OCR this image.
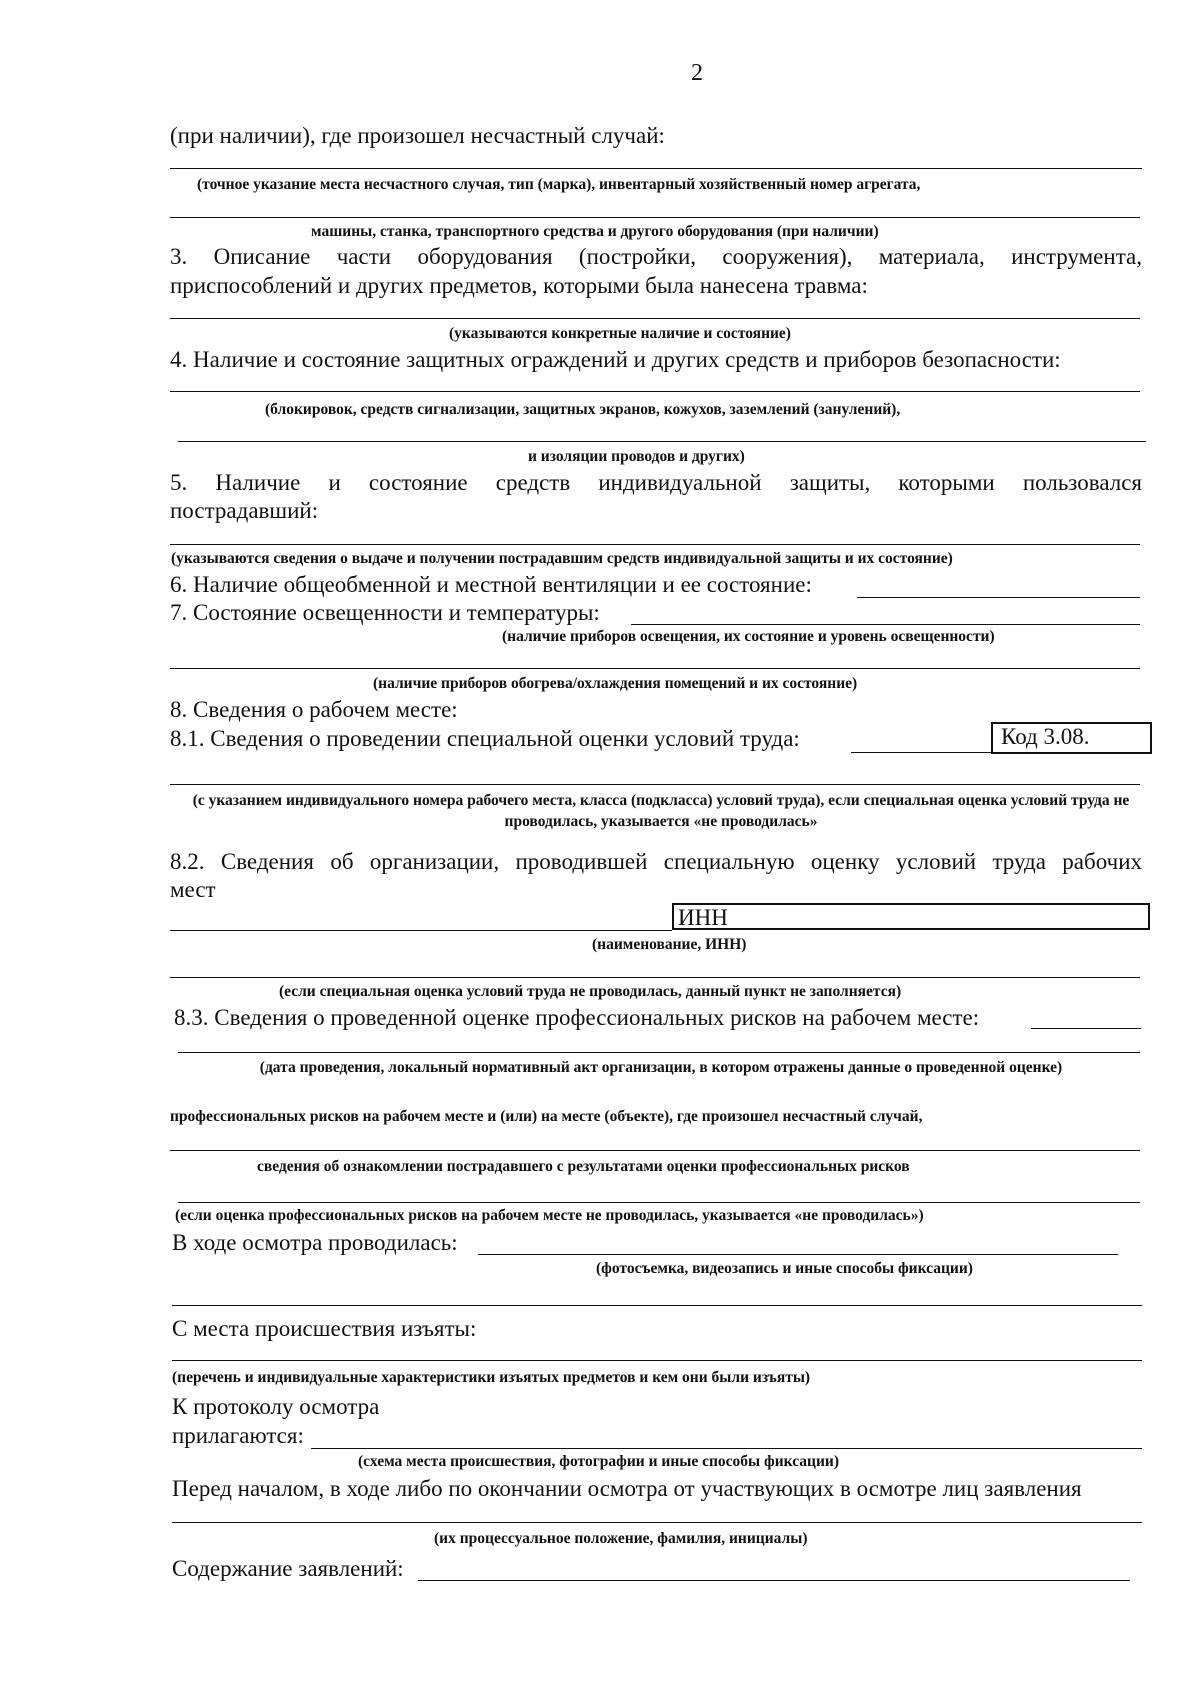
2
(при наличии), где произошел несчастный случай:
(точное указание места несчастного случая, тип (марка), инвентарный хозяйственный номер агрегата,
машины, станка, транспортного средства и другого оборудования (при наличии)
3. Описание части оборудования (постройки, сооружения), материала, инструмента,
приспособлений и других предметов, которыми была нанесена травма:
(указываются конкретные наличие и состояние)
4. Наличие и состояние защитных ограждений и других средств и приборов безопасности:
(блокировок, средств сигнализации, защитных экранов, кожухов, заземлений (занулений),
и изоляции проводов и других)
5. Наличие и состояние средств индивидуальной защиты, которыми пользовался
пострадавший:
(указываются сведения о выдаче и получении пострадавшим средств индивидуальной защиты и их состояние)
6. Наличие общеобменной и местной вентиляции и ее состояние:
7. Состояние освещенности и температуры:
(наличие приборов освещения, их состояние и уровень освещенности)
(наличие приборов обогрева/охлаждения помещений и их состояние)
8. Сведения о рабочем месте:
8.1. Сведения о проведении специальной оценки условий труда:	Код 3.08.
(с указанием индивидуального номера рабочего места, класса (подкласса) условий труда), если специальная оценка условий труда не проводилась, указывается «не проводилась»
8.2. Сведения об организации, проводившей специальную оценку условий труда рабочих
мест
ИНН
(наименование, ИНН)
(если специальная оценка условий труда не проводилась, данный пункт не заполняется)
8.3. Сведения о проведенной оценке профессиональных рисков на рабочем месте:
(дата проведения, локальный нормативный акт организации, в котором отражены данные о проведенной оценке)
профессиональных рисков на рабочем месте и (или) на месте (объекте), где произошел несчастный случай,
сведения об ознакомлении пострадавшего с результатами оценки профессиональных рисков
(если оценка профессиональных рисков на рабочем месте не проводилась, указывается «не проводилась»)
В ходе осмотра проводилась:
(фотосъемка, видеозапись и иные способы фиксации)
С места происшествия изъяты:
(перечень и индивидуальные характеристики изъятых предметов и кем они были изъяты)
К протоколу осмотра
прилагаются:
(схема места происшествия, фотографии и иные способы фиксации)
Перед началом, в ходе либо по окончании осмотра от участвующих в осмотре лиц заявления
(их процессуальное положение, фамилия, инициалы)
Содержание заявлений:
